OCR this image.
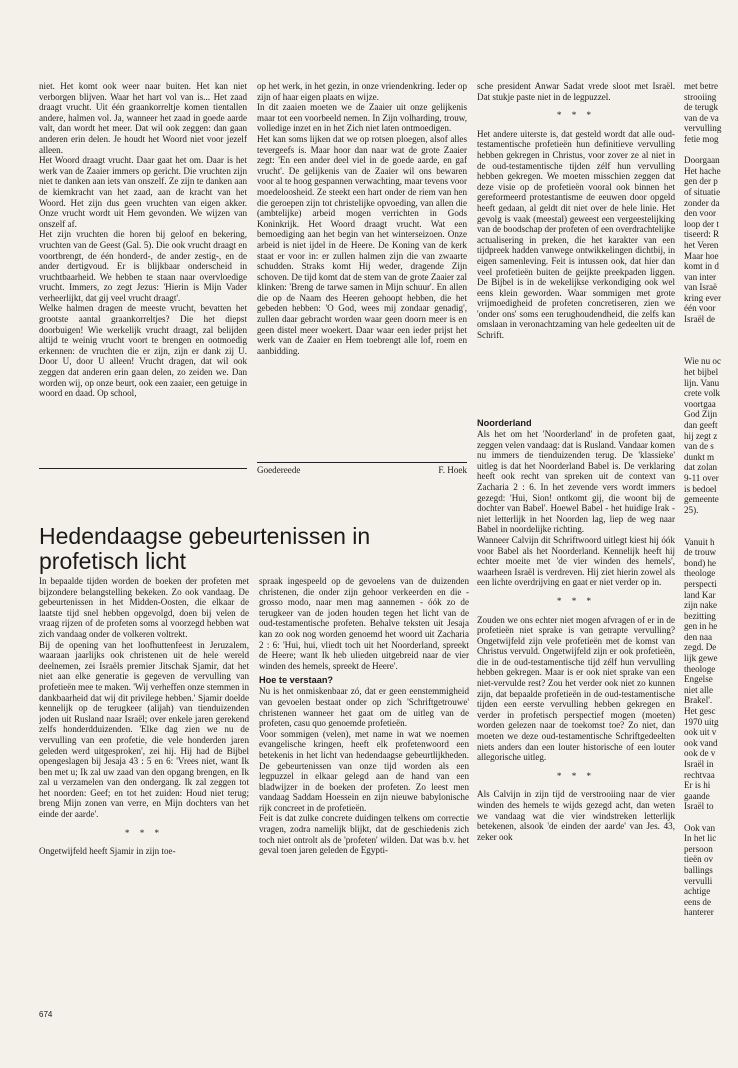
niet. Het komt ook weer naar buiten. Het kan niet verborgen blijven. Waar het hart vol van is... Het zaad draagt vrucht. Uit één graankorreltje komen tientallen andere, halmen vol. Ja, wanneer het zaad in goede aarde valt, dan wordt het meer. Dat wil ook zeggen: dan gaan anderen erin delen. Je houdt het Woord niet voor jezelf alleen.

Het Woord draagt vrucht. Daar gaat het om. Daar is het werk van de Zaaier immers op gericht. Die vruchten zijn niet te danken aan iets van onszelf. Ze zijn te danken aan de kiemkracht van het zaad, aan de kracht van het Woord. Het zijn dus geen vruchten van eigen akker. Onze vrucht wordt uit Hem gevonden. We wijzen van onszelf af.

Het zijn vruchten die horen bij geloof en bekering, vruchten van de Geest (Gal. 5). Die ook vrucht draagt en voortbrengt, de één honderd-, de ander zestig-, en de ander dertigvoud. Er is blijkbaar onderscheid in vruchtbaarheid. We hebben te staan naar overvloedige vrucht. Immers, zo zegt Jezus: 'Hierin is Mijn Vader verheerlijkt, dat gij veel vrucht draagt'.

Welke halmen dragen de meeste vrucht, bevatten het grootste aantal graankorreltjes? Die het diepst doorbuigen! Wie werkelijk vrucht draagt, zal belijden altijd te weinig vrucht voort te brengen en ootmoedig erkennen: de vruchten die er zijn, zijn er dank zij U. Door U, door U alleen! Vrucht dragen, dat wil ook zeggen dat anderen erin gaan delen, zo zeiden we. Dan worden wij, op onze beurt, ook een zaaier, een getuige in woord en daad. Op school,

op het werk, in het gezin, in onze vriendenkring. Ieder op zijn of haar eigen plaats en wijze.

In dit zaaien moeten we de Zaaier uit onze gelijkenis maar tot een voorbeeld nemen. In Zijn volharding, trouw, volledige inzet en in het Zich niet laten ontmoedigen.

Het kan soms lijken dat we op rotsen ploegen, alsof alles tevergeefs is. Maar hoor dan naar wat de grote Zaaier zegt: 'En een ander deel viel in de goede aarde, en gaf vrucht'. De gelijkenis van de Zaaier wil ons bewaren voor al te hoog gespannen verwachting, maar tevens voor moedeloosheid. Ze steekt een hart onder de riem van hen die geroepen zijn tot christelijke opvoeding, van allen die (ambtelijke) arbeid mogen verrichten in Gods Koninkrijk. Het Woord draagt vrucht. Wat een bemoediging aan het begin van het winterseizoen. Onze arbeid is niet ijdel in de Heere. De Koning van de kerk staat er voor in: er zullen halmen zijn die van zwaarte schudden. Straks komt Hij weder, dragende Zijn schoven. De tijd komt dat de stem van de grote Zaaier zal klinken: 'Breng de tarwe samen in Mijn schuur'. En allen die op de Naam des Heeren gehoopt hebben, die het gebeden hebben: 'O God, wees mij zondaar genadig', zullen daar gebracht worden waar geen doorn meer is en geen distel meer woekert. Daar waar een ieder prijst het werk van de Zaaier en Hem toebrengt alle lof, roem en aanbidding.

Goedereede	F. Hoek

sche president Anwar Sadat vrede sloot met Israël. Dat stukje paste niet in de legpuzzel.

* * *

Het andere uiterste is, dat gesteld wordt dat alle oud-testamentische profetieën hun definitieve vervulling hebben gekregen in Christus, voor zover ze al niet in de oud-testamentische tijden zélf hun vervulling hebben gekregen. We moeten misschien zeggen dat deze visie op de profetieën vooral ook binnen het gereformeerd protestantisme de eeuwen door opgeld heeft gedaan, al geldt dit niet over de hele linie. Het gevolg is vaak (meestal) geweest een vergeestelijking van de boodschap der profeten of een overdrachtelijke actualisering in preken, die het karakter van een tijdpreek hadden vanwege ontwikkelingen dichtbij, in eigen samenleving. Feit is intussen ook, dat hier dan veel profetieën buiten de geijkte preekpaden liggen. De Bijbel is in de wekelijkse verkondiging ook wel eens klein geworden. Waar sommigen met grote vrijmoedigheid de profeten concretiseren, zien we 'onder ons' soms een terughoudendheid, die zelfs kan omslaan in veronachtzaming van hele gedeelten uit de Schrift.

Noorderland

Als het om het 'Noorderland' in de profeten gaat, zeggen velen vandaag: dat is Rusland. Vandaar komen nu immers de tienduizenden terug. De 'klassieke' uitleg is dat het Noorderland Babel is. De verklaring heeft ook recht van spreken uit de context van Zacharia 2 : 6. In het zevende vers wordt immers gezegd: 'Hui, Sion! ontkomt gij, die woont bij de dochter van Babel'. Hoewel Babel - het huidige Irak - niet letterlijk in het Noorden lag, liep de weg naar Babel in noordelijke richting.

Wanneer Calvijn dit Schriftwoord uitlegt kiest hij óók voor Babel als het Noorderland. Kennelijk heeft hij echter moeite met 'de vier winden des hemels', waarheen Israël is verdreven. Hij ziet hierin zowel als een lichte overdrijving en gaat er niet verder op in.

* * *

Zouden we ons echter niet mogen afvragen of er in de profetieën niet sprake is van getrapte vervulling? Ongetwijfeld zijn vele profetieën met de komst van Christus vervuld. Ongetwijfeld zijn er ook profetieën, die in de oud-testamentische tijd zélf hun vervulling hebben gekregen. Maar is er ook niet sprake van een niet-vervulde rest? Zou het verder ook niet zo kunnen zijn, dat bepaalde profetieën in de oud-testamentische tijden een eerste vervulling hebben gekregen en verder in profetisch perspectief mogen (moeten) worden gelezen naar de toekomst toe? Zo niet, dan moeten we deze oud-testamentische Schriftgedeelten niets anders dan een louter historische of een louter allegorische uitleg.

* * *

Als Calvijn in zijn tijd de verstrooiing naar de vier winden des hemels te wijds gezegd acht, dan weten we vandaag wat die vier windstreken letterlijk betekenen, alsook 'de einden der aarde' van Jes. 43, zeker ook

Hedendaagse gebeurtenissen in profetisch licht

In bepaalde tijden worden de boeken der profeten met bijzondere belangstelling bekeken. Zo ook vandaag. De gebeurtenissen in het Midden-Oosten, die elkaar de laatste tijd snel hebben opgevolgd, doen bij velen de vraag rijzen of de profeten soms al voorzegd hebben wat zich vandaag onder de volkeren voltrekt.

Bij de opening van het loofhuttenfeest in Jeruzalem, waaraan jaarlijks ook christenen uit de hele wereld deelnemen, zei Israëls premier Jitschak Sjamir, dat het niet aan elke generatie is gegeven de vervulling van profetieën mee te maken. 'Wij verheffen onze stemmen in dankbaarheid dat wij dit privilege hebben.' Sjamir doelde kennelijk op de terugkeer (alijah) van tienduizenden joden uit Rusland naar Israël; over enkele jaren gerekend zelfs honderdduizenden. 'Elke dag zien we nu de vervulling van een profetie, die vele honderden jaren geleden werd uitgesproken', zei hij. Hij had de Bijbel opengeslagen bij Jesaja 43 : 5 en 6: 'Vrees niet, want Ik ben met u; Ik zal uw zaad van den opgang brengen, en Ik zal u verzamelen van den ondergang. Ik zal zeggen tot het noorden: Geef; en tot het zuiden: Houd niet terug; breng Mijn zonen van verre, en Mijn dochters van het einde der aarde'.

* * *

Ongetwijfeld heeft Sjamir in zijn toe-

spraak ingespeeld op de gevoelens van de duizenden christenen, die onder zijn gehoor verkeerden en die - grosso modo, naar men mag aannemen - óók zo de terugkeer van de joden houden tegen het licht van de oud-testamentische profeten. Behalve teksten uit Jesaja kan zo ook nog worden genoemd het woord uit Zacharia 2 : 6: 'Hui, hui, vliedt toch uit het Noorderland, spreekt de Heere; want Ik heb ulieden uitgebreid naar de vier winden des hemels, spreekt de Heere'.

Hoe te verstaan?

Nu is het onmiskenbaar zó, dat er geen eenstemmigheid van gevoelen bestaat onder op zich 'Schriftgetrouwe' christenen wanneer het gaat om de uitleg van de profeten, casu quo genoemde profetieën.

Voor sommigen (velen), met name in wat we noemen evangelische kringen, heeft elk profetenwoord een betekenis in het licht van hedendaagse gebeurtlijkheden. De gebeurtenissen van onze tijd worden als een legpuzzel in elkaar gelegd aan de hand van een bladwijzer in de boeken der profeten. Zo leest men vandaag Saddam Hoessein en zijn nieuwe babylonische rijk concreet in de profetieën.

Feit is dat zulke concrete duidingen telkens om correctie vragen, zodra namelijk blijkt, dat de geschiedenis zich toch niet ontrolt als de 'profeten' wilden. Dat was b.v. het geval toen jaren geleden de Egypti-

met betre
strooiing
de terugk
van de va
vervulling
fetie mog

Doorgaan
Het hache
gen der p
of situatie
zonder da
den voor
loop der t
tiseerd: R
het Veren
Maar hoe
komt in d
van inter
van Israë
kring ever
één voor
Israël de

Wie nu oc
het bijbel
lijn. Vanu
crete volk
voortgaa
God Zijn
dan geeft
hij zegt z
van de s
dunkt m
dat zolan
9-11 over
is bedoel
gemeente
25).

Vanuit h
de trouw
bond) he
theologe
perspecti
land Kar
zijn nake
bezitting
gen in he
den naa
zegd. De
lijk gewe
theologe
Engelse
niet alle
Brakel'.
Het gesc
1970 uitg
ook uit v
ook vand
ook de v
Israël in
rechtvaa
Er is hi
gaande
Israël to

Ook van
In het lic
persoon
tieën ov
ballings
vervulli
achtige
eens de
hanterer
674
